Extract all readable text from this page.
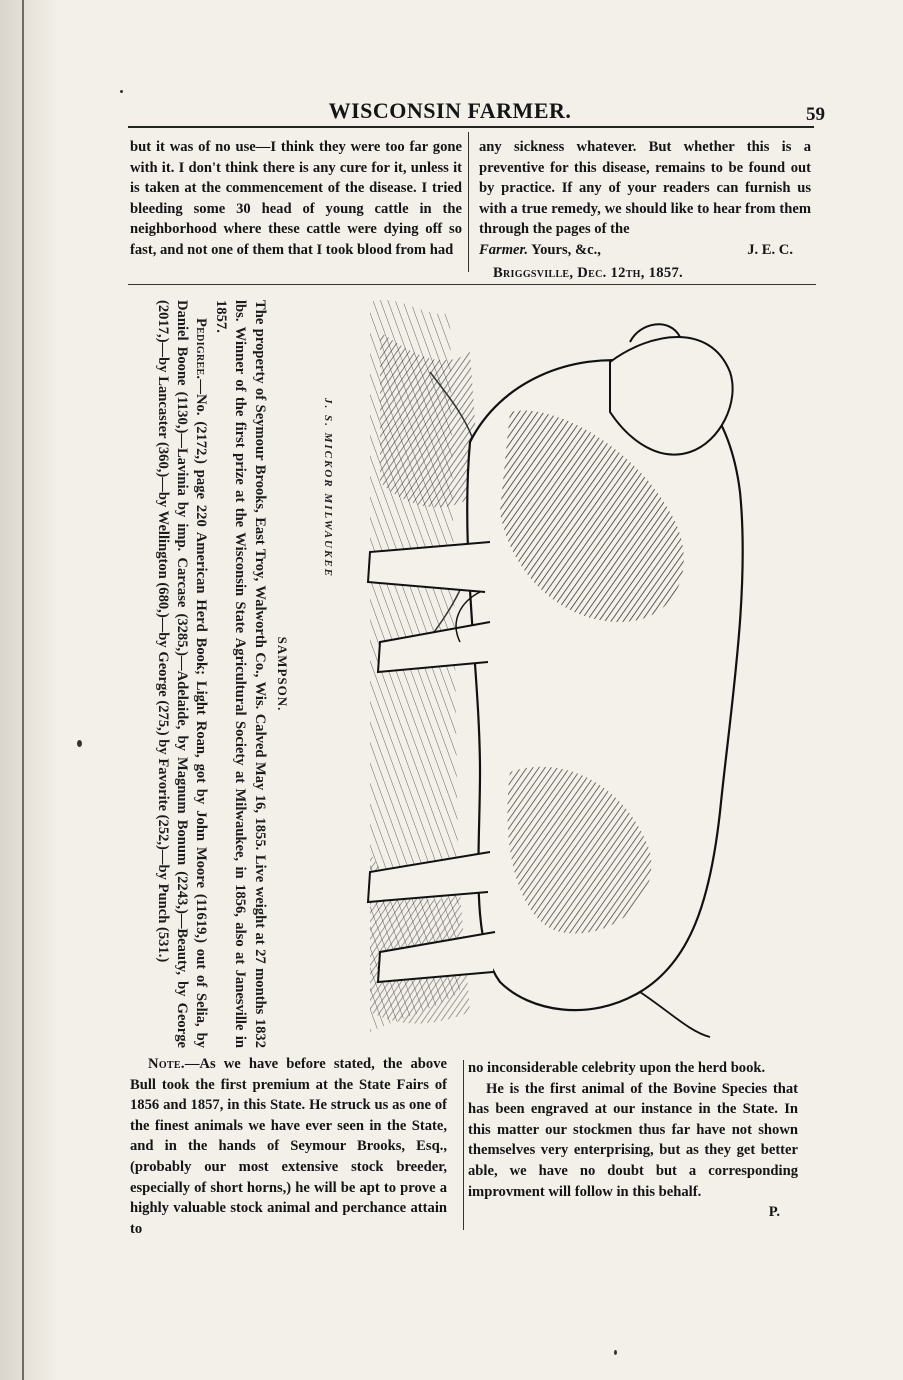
WISCONSIN FARMER.	59

but it was of no use—I think they were too far gone with it. I don't think there is any cure for it, unless it is taken at the commencement of the disease. I tried bleeding some 30 head of young cattle in the neighborhood where these cattle were dying off so fast, and not one of them that I took blood from had

any sickness whatever. But whether this is a preventive for this disease, remains to be found out by practice. If any of your readers can furnish us with a true remedy, we should like to hear from them through the pages of the

Farmer. Yours, &c.,	J. E. C.

Briggsville, Dec. 12th, 1857.

J. S. MICKOR MILWAUKEE
SAMPSON.

The property of Seymour Brooks, East Troy, Walworth Co., Wis. Calved May 16, 1855. Live weight at 27 months 1832 lbs. Winner of the first prize at the Wisconsin State Agricultural Society at Milwaukee, in 1856, also at Janesville in 1857.

Pedigree.—No. (2172,) page 220 American Herd Book; Light Roan, got by John Moore (11619,) out of Selia, by Daniel Boone (1130,)—Lavinia by imp. Carcase (3285,)—Adelaide, by Magnum Bonum (2243,)—Beauty, by George (2017,)—by Lancaster (360,)—by Wellington (680,)—by George (275,) by Favorite (252,)—by Punch (531.)

Note.—As we have before stated, the above Bull took the first premium at the State Fairs of 1856 and 1857, in this State. He struck us as one of the finest animals we have ever seen in the State, and in the hands of Seymour Brooks, Esq., (probably our most extensive stock breeder, especially of short horns,) he will be apt to prove a highly valuable stock animal and perchance attain to

no inconsiderable celebrity upon the herd book.

He is the first animal of the Bovine Species that has been engraved at our instance in the State. In this matter our stockmen thus far have not shown themselves very enterprising, but as they get better able, we have no doubt but a corresponding improvment will follow in this behalf.

P.
